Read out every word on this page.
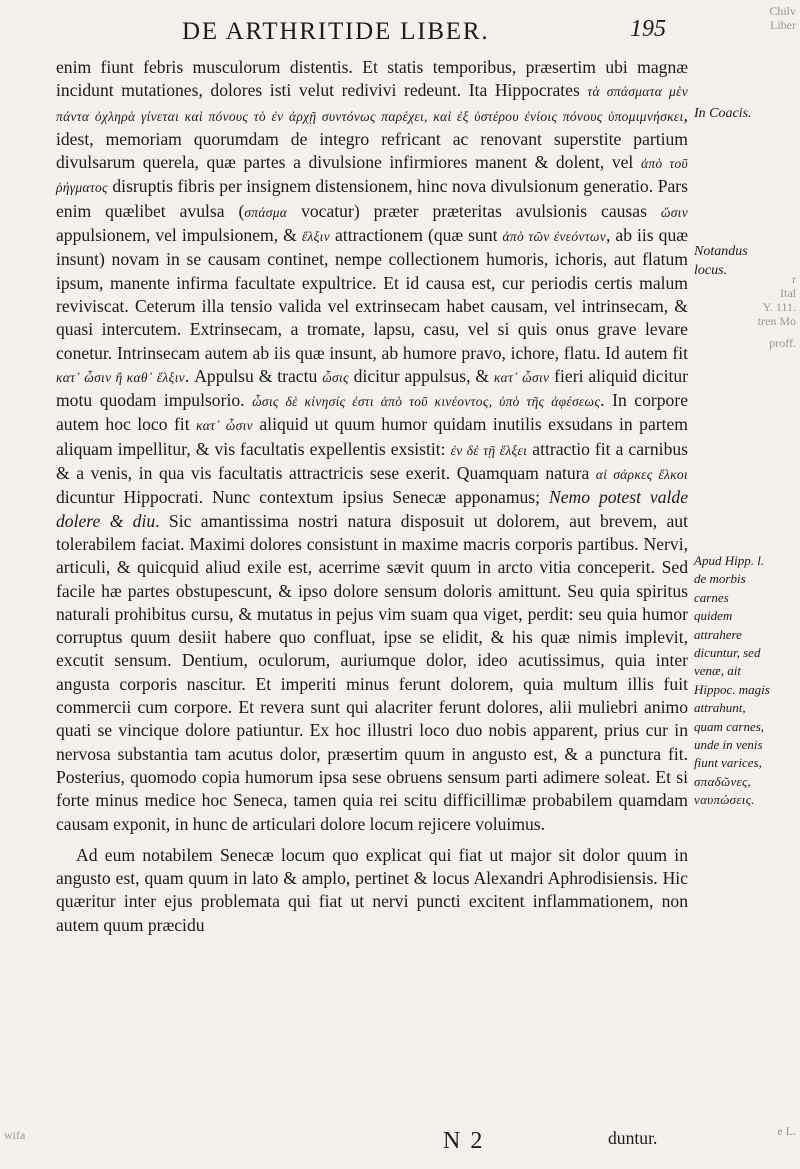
Chilv
Liber
r
Ital
Y. 111.
tren Mo
proff.
wifa	e L.
DE ARTHRITIDE LIBER.	195

enim fiunt febris musculorum distentis. Et statis temporibus, præsertim ubi magnæ incidunt mutationes, dolores isti velut redivivi redeunt. Ita Hippocrates τὰ σπάσματα μὲν πάντα ὀχληρὰ γίνεται καὶ πόνους τὸ ἐν ἀρχῇ συντόνως παρέχει, καὶ ἐξ ὑστέρου ἐνίοις πόνους ὑπομιμνήσκει, idest, memoriam quorumdam de integro refricant ac renovant superstite partium divulsarum querela, quæ partes a divulsione infirmiores manent & dolent, vel ἀπὸ τοῦ ῥήγματος disruptis fibris per insignem distensionem, hinc nova divulsionum generatio. Pars enim quælibet avulsa (σπάσμα vocatur) præter præteritas avulsionis causas ὥσιν appulsionem, vel impulsionem, & ἕλξιν attractionem (quæ sunt ἀπὸ τῶν ἐνεόντων, ab iis quæ insunt) novam in se causam continet, nempe collectionem humoris, ichoris, aut flatum ipsum, manente infirma facultate expultrice. Et id causa est, cur periodis certis malum reviviscat. Ceterum illa tensio valida vel extrinsecam habet causam, vel intrinsecam, & quasi intercutem. Extrinsecam, a tromate, lapsu, casu, vel si quis onus grave levare conetur. Intrinsecam autem ab iis quæ insunt, ab humore pravo, ichore, flatu. Id autem fit κατ᾽ ὦσιν ἢ καθ᾽ ἕλξιν. Appulsu & tractu ὦσις dicitur appulsus, & κατ᾽ ὦσιν fieri aliquid dicitur motu quodam impulsorio. ὦσις δὲ κίνησίς ἐστι ἀπὸ τοῦ κινέοντος, ὑπὸ τῆς ἀφέσεως. In corpore autem hoc loco fit κατ᾽ ὦσιν aliquid ut quum humor quidam inutilis exsudans in partem aliquam impellitur, & vis facultatis expellentis exsistit: ἐν δὲ τῇ ἕλξει attractio fit a carnibus & a venis, in qua vis facultatis attractricis sese exerit. Quamquam natura αἱ σάρκες ἕλκοι dicuntur Hippocrati. Nunc contextum ipsius Senecæ apponamus; Nemo potest valde dolere & diu. Sic amantissima nostri natura disposuit ut dolorem, aut brevem, aut tolerabilem faciat. Maximi dolores consistunt in maxime macris corporis partibus. Nervi, articuli, & quicquid aliud exile est, acerrime sævit quum in arcto vitia conceperit. Sed facile hæ partes obstupescunt, & ipso dolore sensum doloris amittunt. Seu quia spiritus naturali prohibitus cursu, & mutatus in pejus vim suam qua viget, perdit: seu quia humor corruptus quum desiit habere quo confluat, ipse se elidit, & his quæ nimis implevit, excutit sensum. Dentium, oculorum, auriumque dolor, ideo acutissimus, quia inter angusta corporis nascitur. Et imperiti minus ferunt dolorem, quia multum illis fuit commercii cum corpore. Et revera sunt qui alacriter ferunt dolores, alii muliebri animo quati se vincique dolore patiuntur. Ex hoc illustri loco duo nobis apparent, prius cur in nervosa substantia tam acutus dolor, præsertim quum in angusto est, & a punctura fit. Posterius, quomodo copia humorum ipsa sese obruens sensum parti adimere soleat. Et si forte minus medice hoc Seneca, tamen quia rei scitu difficillimæ probabilem quamdam causam exponit, in hunc de articulari dolore locum rejicere voluimus.

Ad eum notabilem Senecæ locum quo explicat qui fiat ut major sit dolor quum in angusto est, quam quum in lato & amplo, pertinet & locus Alexandri Aphrodisiensis. Hic quæritur inter ejus problemata qui fiat ut nervi puncti excitent inflammationem, non autem quum præcidu

In Coacis.
Notandus locus.
Apud Hipp. l. de morbis carnes quidem attrahere dicuntur, sed venæ, ait Hippoc. magis attrahunt, quam carnes, unde in venis fiunt varices, σπαδῶνες, ναυπώσεις.
N 2	duntur.
